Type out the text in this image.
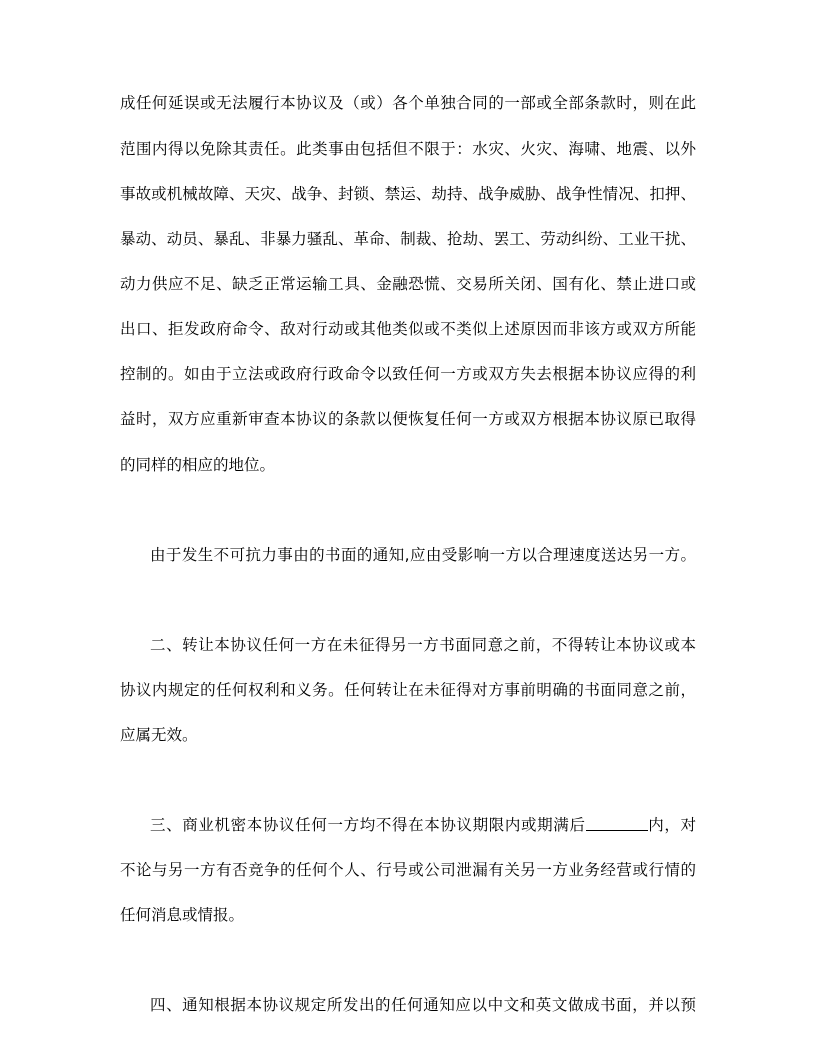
成任何延误或无法履行本协议及（或）各个单独合同的一部或全部条款时，则在此
范围内得以免除其责任。此类事由包括但不限于：水灾、火灾、海啸、地震、以外
事故或机械故障、天灾、战争、封锁、禁运、劫持、战争威胁、战争性情况、扣押、
暴动、动员、暴乱、非暴力骚乱、革命、制裁、抢劫、罢工、劳动纠纷、工业干扰、
动力供应不足、缺乏正常运输工具、金融恐慌、交易所关闭、国有化、禁止进口或
出口、拒发政府命令、敌对行动或其他类似或不类似上述原因而非该方或双方所能
控制的。如由于立法或政府行政命令以致任何一方或双方失去根据本协议应得的利
益时，双方应重新审查本协议的条款以便恢复任何一方或双方根据本协议原已取得
的同样的相应的地位。
由于发生不可抗力事由的书面的通知,应由受影响一方以合理速度送达另一方。
二、转让本协议任何一方在未征得另一方书面同意之前，不得转让本协议或本
协议内规定的任何权利和义务。任何转让在未征得对方事前明确的书面同意之前，
应属无效。
三、商业机密本协议任何一方均不得在本协议期限内或期满后	内，对
不论与另一方有否竞争的任何个人、行号或公司泄漏有关另一方业务经营或行情的
任何消息或情报。
四、通知根据本协议规定所发出的任何通知应以中文和英文做成书面，并以预
